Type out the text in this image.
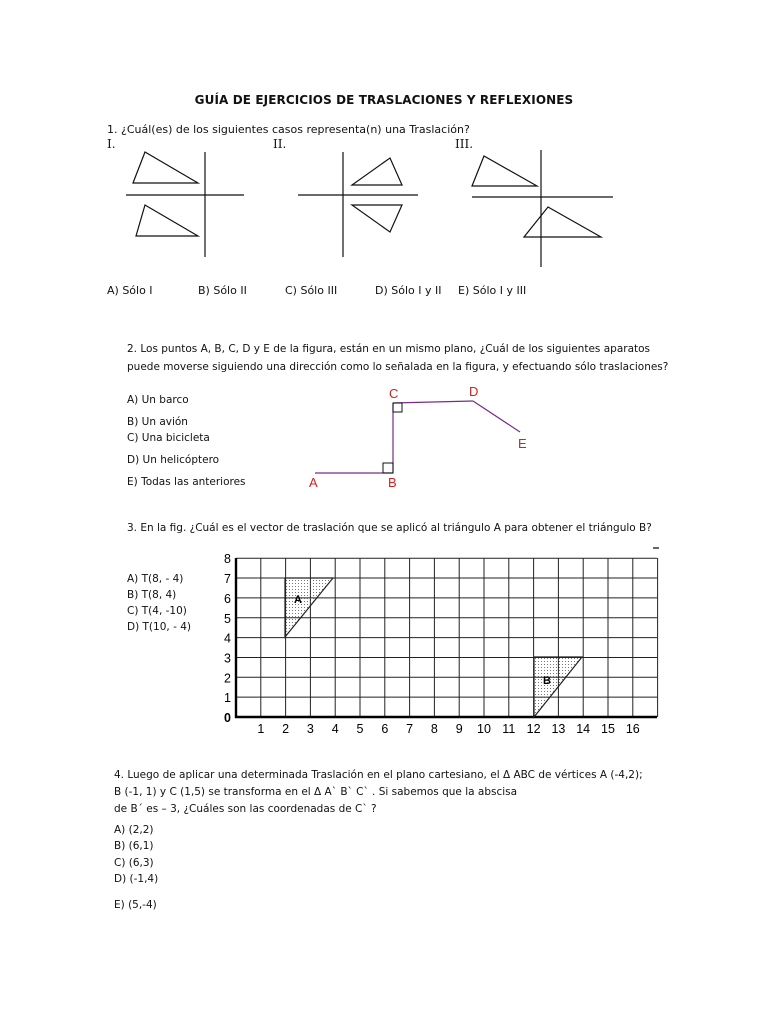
GUÍA DE EJERCICIOS DE TRASLACIONES Y REFLEXIONES
1. ¿Cuál(es) de los siguientes casos representa(n) una Traslación?
I.	II.	III.
A) Sólo I	B) Sólo II	C) Sólo III	D) Sólo I y II E) Sólo I y III
2. Los puntos A, B, C, D y E de la figura, están en un mismo plano, ¿Cuál de los siguientes aparatos
puede moverse siguiendo una dirección como lo señalada en la figura, y efectuando sólo traslaciones?
A) Un barco
B) Un avión
C) Una bicicleta
D) Un helicóptero
E) Todas las anteriores	A	B
C	D
E
3. En la fig. ¿Cuál es el vector de traslación que se aplicó al triángulo A para obtener el triángulo B?
A) T(8, - 4)
B) T(8, 4)
C) T(4, -10)
D) T(10, - 4)
A
B
1 2 3 4 5 6 7 8 9 10 11 12 13 14 15 16
8
7
6
5
4
3
2
1
0
4. Luego de aplicar una determinada Traslación en el plano cartesiano, el Δ ABC de vértices A (-4,2);
B (-1, 1) y C (1,5) se transforma en el Δ A` B` C` . Si sabemos que la abscisa
de B´ es – 3, ¿Cuáles son las coordenadas de C` ?
A) (2,2)
B) (6,1)
C) (6,3)
D) (-1,4)
E) (5,-4)
